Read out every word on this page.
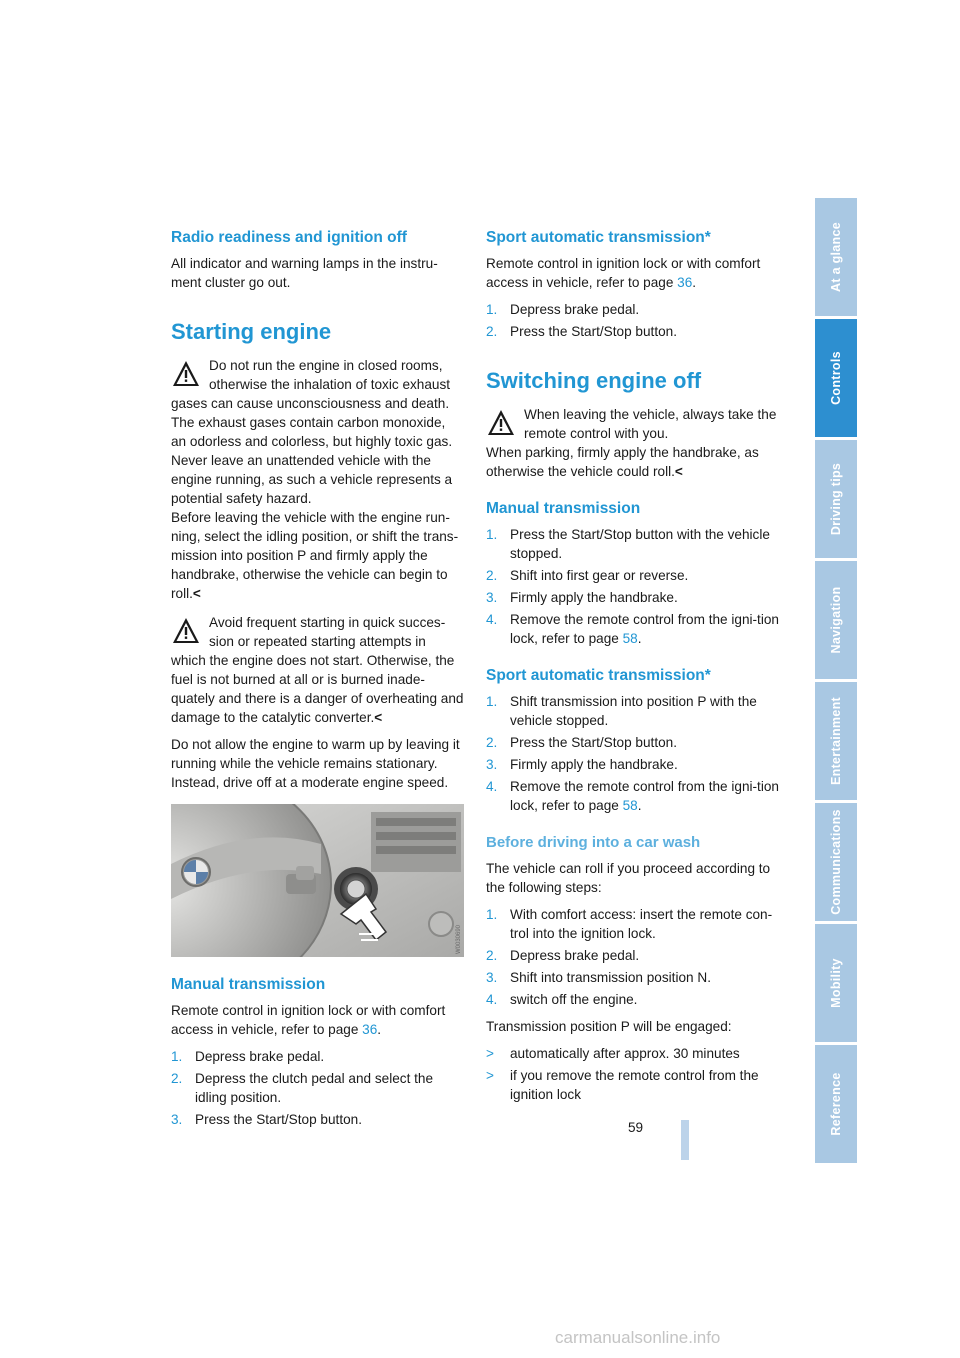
At a glance
Controls
Driving tips
Navigation
Entertainment
Communications
Mobility
Reference
Radio readiness and ignition off

All indicator and warning lamps in the instru-ment cluster go out.

Starting engine
Do not run the engine in closed rooms, otherwise the inhalation of toxic exhaust gases can cause unconsciousness and death. The exhaust gases contain carbon monoxide, an odorless and colorless, but highly toxic gas. Never leave an unattended vehicle with the engine running, as such a vehicle represents a potential safety hazard.
Before leaving the vehicle with the engine run-ning, select the idling position, or shift the trans-mission into position P and firmly apply the handbrake, otherwise the vehicle can begin to roll.<
Avoid frequent starting in quick succes- sion or repeated starting attempts in which the engine does not start. Otherwise, the fuel is not burned at all or is burned inade-quately and there is a danger of overheating and damage to the catalytic converter.<

Do not allow the engine to warm up by leaving it running while the vehicle remains stationary. Instead, drive off at a moderate engine speed.

W0030690
Manual transmission

Remote control in ignition lock or with comfort access in vehicle, refer to page 36.

1. Depress brake pedal.
2. Depress the clutch pedal and select the idling position.
3. Press the Start/Stop button.
Sport automatic transmission*

Remote control in ignition lock or with comfort access in vehicle, refer to page 36.

1. Depress brake pedal.
2. Press the Start/Stop button.
Switching engine off
When leaving the vehicle, always take the remote control with you.
When parking, firmly apply the handbrake, as otherwise the vehicle could roll.<
Manual transmission
1. Press the Start/Stop button with the vehicle stopped.
2. Shift into first gear or reverse.
3. Firmly apply the handbrake.
4. Remove the remote control from the igni-tion lock, refer to page 58.
Sport automatic transmission*
1. Shift transmission into position P with the vehicle stopped.
2. Press the Start/Stop button.
3. Firmly apply the handbrake.
4. Remove the remote control from the igni-tion lock, refer to page 58.
Before driving into a car wash

The vehicle can roll if you proceed according to the following steps:

1. With comfort access: insert the remote con-trol into the ignition lock.
2. Depress brake pedal.
3. Shift into transmission position N.
4. switch off the engine.

Transmission position P will be engaged:

> automatically after approx. 30 minutes
> if you remove the remote control from the ignition lock
59
carmanualsonline.info
